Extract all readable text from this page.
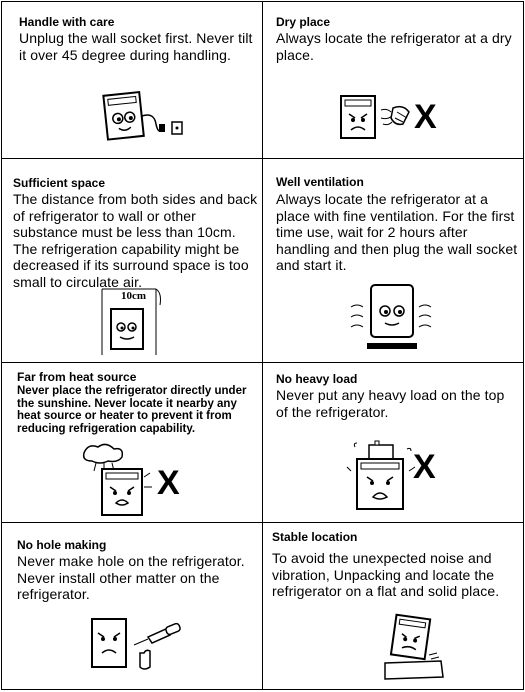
Handle with care
Unplug the wall socket first. Never tilt it over 45 degree during handling.
Dry place
Always locate the refrigerator at a dry place.
X
Sufficient space
The distance from both sides and back of refrigerator to wall or other substance must be less than 10cm. The refrigeration capability might be decreased if its surround space is too small to circulate air.
10cm
Well ventilation
Always locate the refrigerator at a place with fine ventilation. For the first time use, wait for 2 hours after handling and then plug the wall socket and start it.
Far from heat source
Never place the refrigerator directly under the sunshine. Never locate it nearby any heat source or heater to prevent it from reducing refrigeration capability.
X
No heavy load
Never put any heavy load on the top of the refrigerator.
X
No hole making
Never make hole on the refrigerator. Never install other matter on the refrigerator.
Stable location
To avoid the unexpected noise and vibration, Unpacking and locate the refrigerator on a flat and solid place.
